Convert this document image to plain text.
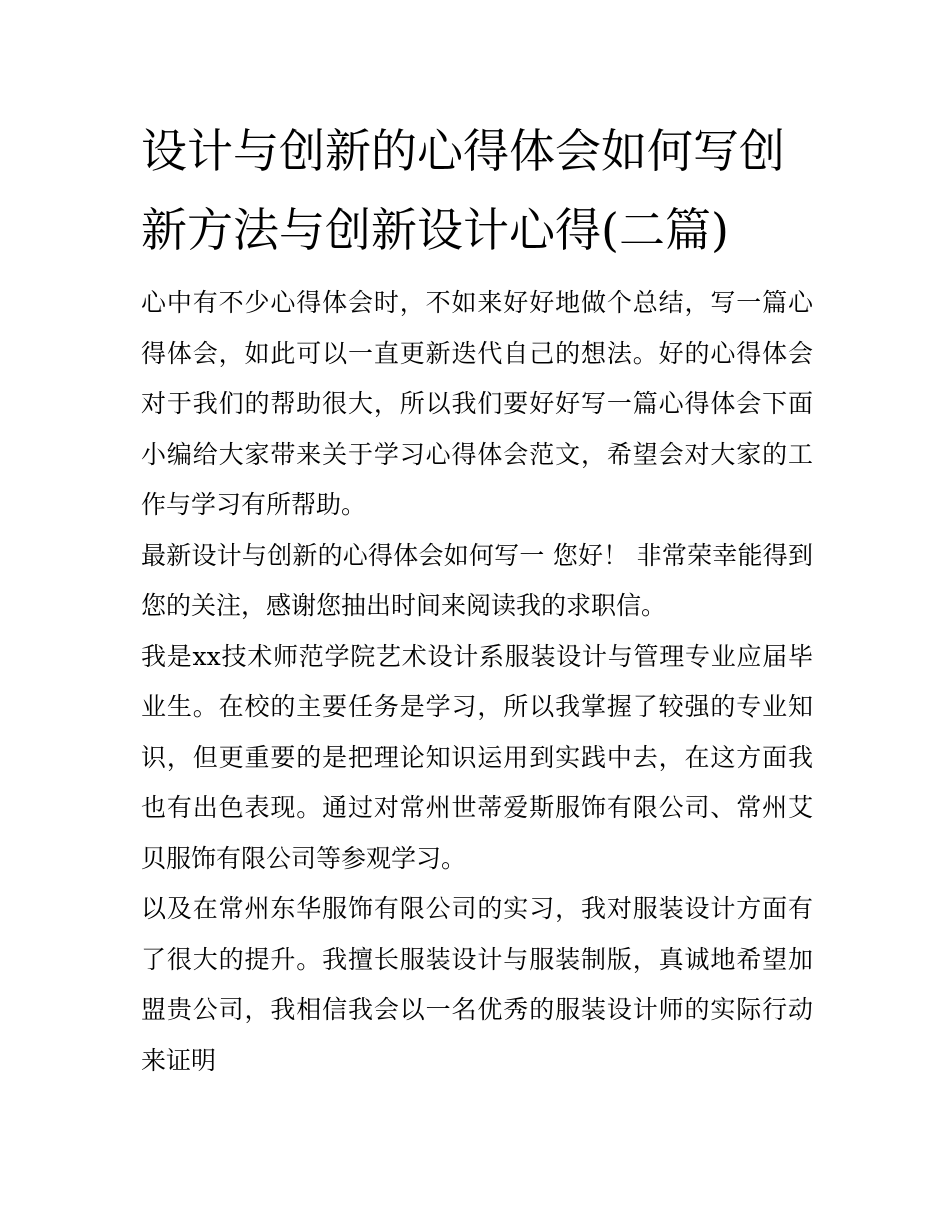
设计与创新的心得体会如何写创新方法与创新设计心得(二篇)

心中有不少心得体会时，不如来好好地做个总结，写一篇心得体会，如此可以一直更新迭代自己的想法。好的心得体会对于我们的帮助很大，所以我们要好好写一篇心得体会下面小编给大家带来关于学习心得体会范文，希望会对大家的工作与学习有所帮助。

最新设计与创新的心得体会如何写一 您好！ 非常荣幸能得到您的关注，感谢您抽出时间来阅读我的求职信。

我是xx技术师范学院艺术设计系服装设计与管理专业应届毕业生。在校的主要任务是学习，所以我掌握了较强的专业知识，但更重要的是把理论知识运用到实践中去，在这方面我也有出色表现。通过对常州世蒂爱斯服饰有限公司、常州艾贝服饰有限公司等参观学习。

以及在常州东华服饰有限公司的实习，我对服装设计方面有了很大的提升。我擅长服装设计与服装制版，真诚地希望加盟贵公司，我相信我会以一名优秀的服装设计师的实际行动来证明
